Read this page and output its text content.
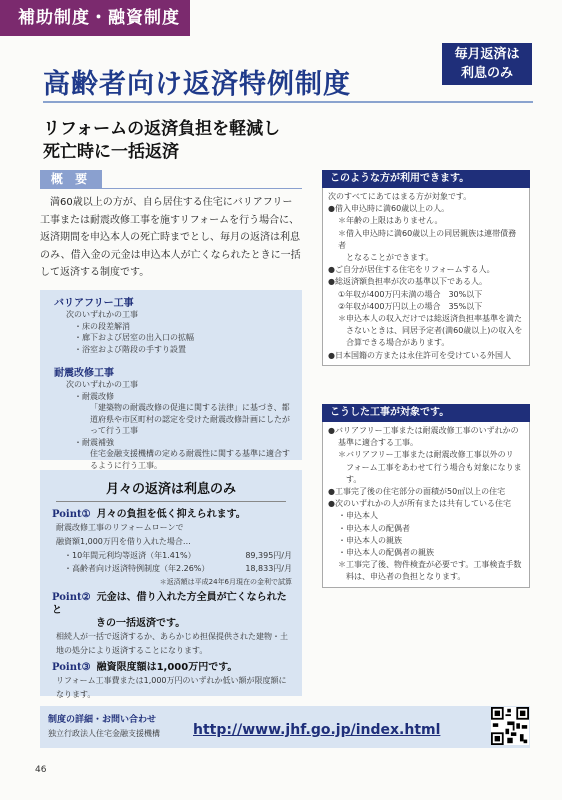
補助制度・融資制度
毎月返済は
利息のみ
高齢者向け返済特例制度
リフォームの返済負担を軽減し
死亡時に一括返済
概 要
満60歳以上の方が、自ら居住する住宅にバリアフリー工事または耐震改修工事を施すリフォームを行う場合に、返済期間を申込本人の死亡時までとし、毎月の返済は利息のみ、借入金の元金は申込本人が亡くなられたときに一括して返済する制度です。
バリアフリー工事
次のいずれかの工事
・床の段差解消
・廊下および居室の出入口の拡幅
・浴室および階段の手すり設置
耐震改修工事
次のいずれかの工事
・耐震改修
「建築物の耐震改修の促進に関する法律」に基づき、都道府県や市区町村の認定を受けた耐震改修計画にしたがって行う工事
・耐震補強
住宅金融支援機構の定める耐震性に関する基準に適合するように行う工事。
月々の返済は利息のみ
Point① 月々の負担を低く抑えられます。
耐震改修工事のリフォームローンで
融資額1,000万円を借り入れた場合…
・10年間元利均等返済（年1.41%）	89,395円/月
・高齢者向け返済特例制度（年2.26%）	18,833円/月
＊返済額は平成24年6月現在の金利で試算
Point② 元金は、借り入れた方全員が亡くなられたと
きの一括返済です。
相続人が一括で返済するか、あらかじめ担保提供された建物・土地の処分により返済することになります。
Point③ 融資限度額は1,000万円です。
リフォーム工事費または1,000万円のいずれか低い額が限度額になります。
このような方が利用できます。
次のすべてにあてはまる方が対象です。
●借入申込時に満60歳以上の人。
＊年齢の上限はありません。
＊借入申込時に満60歳以上の同居親族は連帯債務者
となることができます。
●ご自分が居住する住宅をリフォームする人。
●総返済額負担率が次の基準以下である人。
①年収が400万円未満の場合　30%以下
②年収が400万円以上の場合　35%以下
＊申込本人の収入だけでは総返済負担率基準を満た
さないときは、同居予定者(満60歳以上)の収入を
合算できる場合があります。
●日本国籍の方または永住許可を受けている外国人
こうした工事が対象です。
●バリアフリー工事または耐震改修工事のいずれかの
基準に適合する工事。
＊バリアフリー工事または耐震改修工事以外のリ
フォーム工事をあわせて行う場合も対象になりま
す。
●工事完了後の住宅部分の面積が50㎡以上の住宅
●次のいずれかの人が所有または共有している住宅
・申込本人
・申込本人の配偶者
・申込本人の親族
・申込本人の配偶者の親族
＊工事完了後、物件検査が必要です。工事検査手数
料は、申込者の負担となります。
制度の詳細・お問い合わせ
独立行政法人住宅金融支援機構 http://www.jhf.go.jp/index.html
46
